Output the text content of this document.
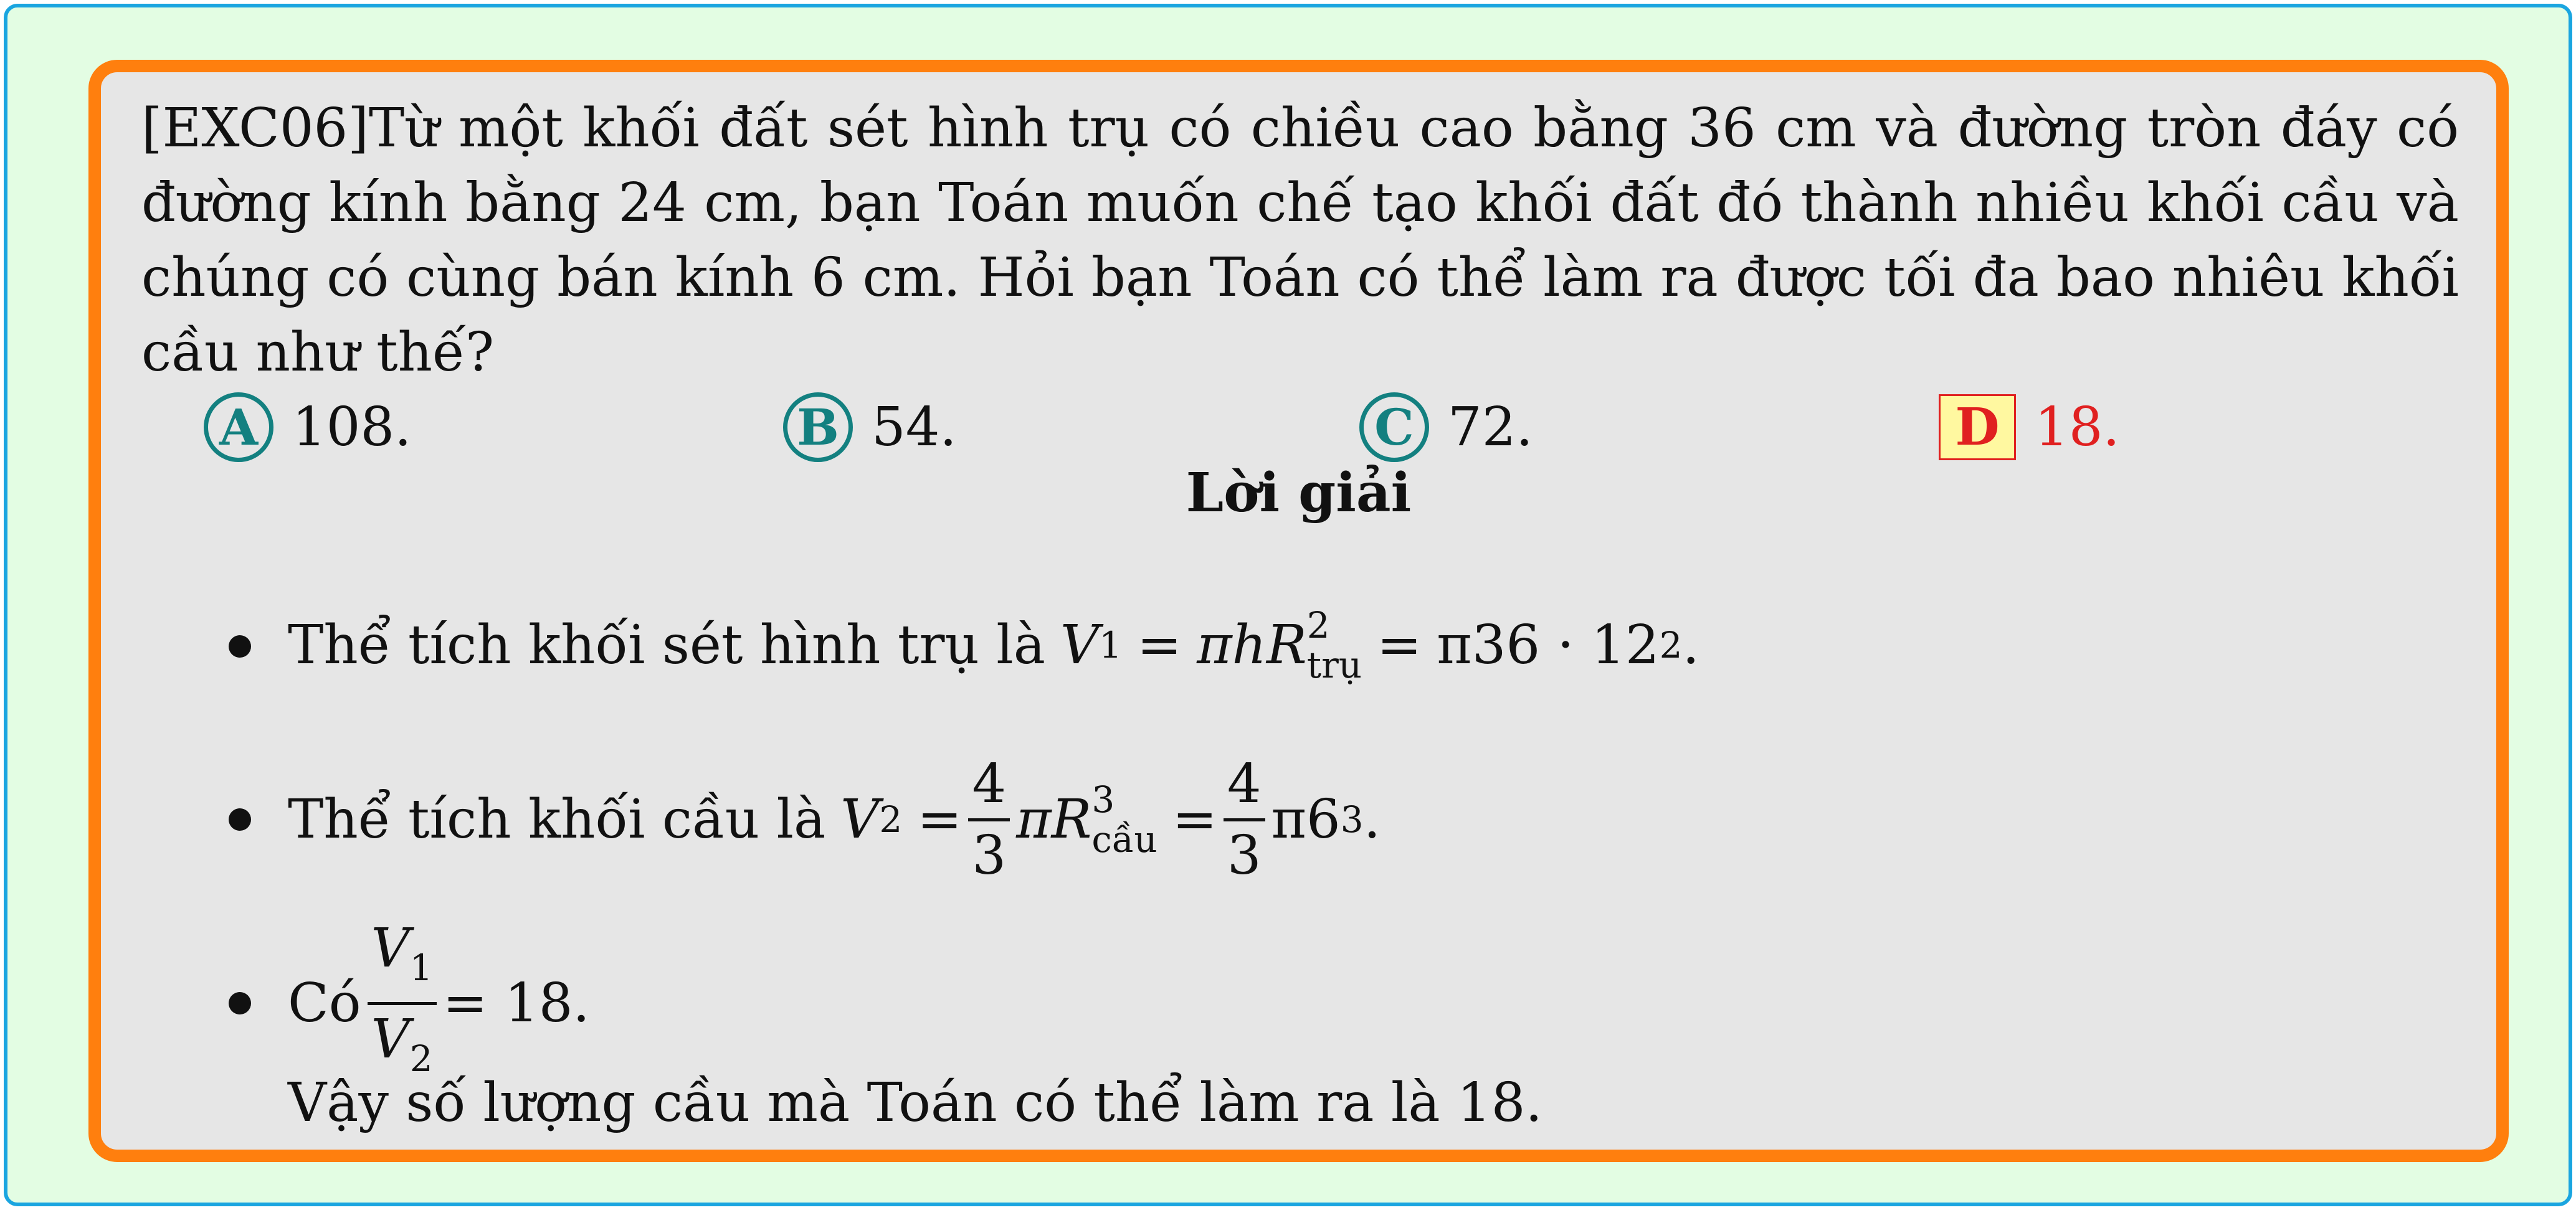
[EXC06]Từ một khối đất sét hình trụ có chiều cao bằng 36 cm và đường tròn đáy có đường kính bằng 24 cm, bạn Toán muốn chế tạo khối đất đó thành nhiều khối cầu và chúng có cùng bán kính 6 cm. Hỏi bạn Toán có thể làm ra được tối đa bao nhiêu khối cầu như thế?
A 108.	B 54.	C 72.	D 18.
Lời giải
Thể tích khối sét hình trụ là V 1 = πhR 2
trụ = π36 · 12 2 .
Thể tích khối cầu là V $2 = \frac{4}{3}$ πR 3
cầu = $\frac{4}{3} \pi 6$ 3 .
Có $\frac{V_1}{V_2} = 18$.
Vậy số lượng cầu mà Toán có thể làm ra là 18.
